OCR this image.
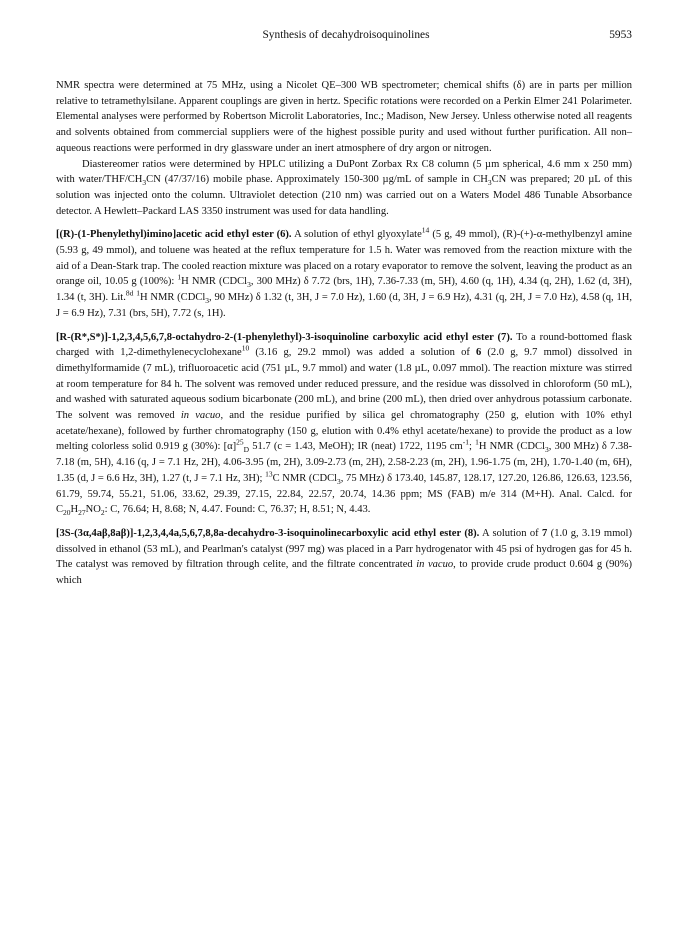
Synthesis of decahydroisoquinolines	5953

NMR spectra were determined at 75 MHz, using a Nicolet QE–300 WB spectrometer; chemical shifts (δ) are in parts per million relative to tetramethylsilane. Apparent couplings are given in hertz. Specific rotations were recorded on a Perkin Elmer 241 Polarimeter. Elemental analyses were performed by Robertson Microlit Laboratories, Inc.; Madison, New Jersey. Unless otherwise noted all reagents and solvents obtained from commercial suppliers were of the highest possible purity and used without further purification. All non–aqueous reactions were performed in dry glassware under an inert atmosphere of dry argon or nitrogen.

Diastereomer ratios were determined by HPLC utilizing a DuPont Zorbax Rx C8 column (5 µm spherical, 4.6 mm x 250 mm) with water/$THF/CH_3CN$ (47/37/16) mobile phase. Approximately 150-300 µg/mL of sample in $CH_3CN$ was prepared; 20 µL of this solution was injected onto the column. Ultraviolet detection (210 nm) was carried out on a Waters Model 486 Tunable Absorbance detector. A Hewlett–Packard LAS 3350 instrument was used for data handling.

[(R)-(1-Phenylethyl)imino]acetic acid ethyl ester (6). A solution of ethyl glyoxylate$^{14}$ (5 g, 49 mmol), (R)-(+)-α-methylbenzyl amine (5.93 g, 49 mmol), and toluene was heated at the reflux temperature for 1.5 h. Water was removed from the reaction mixture with the aid of a Dean-Stark trap. The cooled reaction mixture was placed on a rotary evaporator to remove the solvent, leaving the product as an orange oil, 10.05 g (100%): $^1$H NMR (CDCl$_3$, 300 MHz) δ 7.72 (brs, 1H), 7.36-7.33 (m, 5H), 4.60 (q, 1H), 4.34 (q, 2H), 1.62 (d, 3H), 1.34 (t, 3H). Lit.$^{8d}$ $^1$H NMR (CDCl$_3$, 90 MHz) δ 1.32 (t, 3H, J = 7.0 Hz), 1.60 (d, 3H, J = 6.9 Hz), 4.31 (q, 2H, J = 7.0 Hz), 4.58 (q, 1H, J = 6.9 Hz), 7.31 (brs, 5H), 7.72 (s, 1H).

[R-(R*,S*)]-1,2,3,4,5,6,7,8-octahydro-2-(1-phenylethyl)-3-isoquinoline carboxylic acid ethyl ester (7). To a round-bottomed flask charged with 1,2-dimethylenecyclohexane$^{10}$ (3.16 g, 29.2 mmol) was added a solution of 6 (2.0 g, 9.7 mmol) dissolved in dimethylformamide (7 mL), trifluoroacetic acid (751 µL, 9.7 mmol) and water (1.8 µL, 0.097 mmol). The reaction mixture was stirred at room temperature for 84 h. The solvent was removed under reduced pressure, and the residue was dissolved in chloroform (50 mL), and washed with saturated aqueous sodium bicarbonate (200 mL), and brine (200 mL), then dried over anhydrous potassium carbonate. The solvent was removed in vacuo, and the residue purified by silica gel chromatography (250 g, elution with 10% ethyl acetate/hexane), followed by further chromatography (150 g, elution with 0.4% ethyl acetate/hexane) to provide the product as a low melting colorless solid 0.919 g (30%): $[\alpha]^{25}_D$ 51.7 (c = 1.43, MeOH); IR (neat) 1722, 1195 $cm^{-1}$; $^1$H NMR (CDCl$_3$, 300 MHz) δ 7.38-7.18 (m, 5H), 4.16 (q, J = 7.1 Hz, 2H), 4.06-3.95 (m, 2H), 3.09-2.73 (m, 2H), 2.58-2.23 (m, 2H), 1.96-1.75 (m, 2H), 1.70-1.40 (m, 6H), 1.35 (d, J = 6.6 Hz, 3H), 1.27 (t, J = 7.1 Hz, 3H); $^{13}$C NMR (CDCl$_3$, 75 MHz) δ 173.40, 145.87, 128.17, 127.20, 126.86, 126.63, 123.56, 61.79, 59.74, 55.21, 51.06, 33.62, 29.39, 27.15, 22.84, 22.57, 20.74, 14.36 ppm; MS (FAB) m/e 314 (M+H). Anal. Calcd. for $C_{20}H_{27}NO_2$: C, 76.64; H, 8.68; N, 4.47. Found: C, 76.37; H, 8.51; N, 4.43.

[3S-(3α,4aβ,8aβ)]-1,2,3,4,4a,5,6,7,8,8a-decahydro-3-isoquinolinecarboxylic acid ethyl ester (8). A solution of 7 (1.0 g, 3.19 mmol) dissolved in ethanol (53 mL), and Pearlman's catalyst (997 mg) was placed in a Parr hydrogenator with 45 psi of hydrogen gas for 45 h. The catalyst was removed by filtration through celite, and the filtrate concentrated in vacuo, to provide crude product 0.604 g (90%) which
